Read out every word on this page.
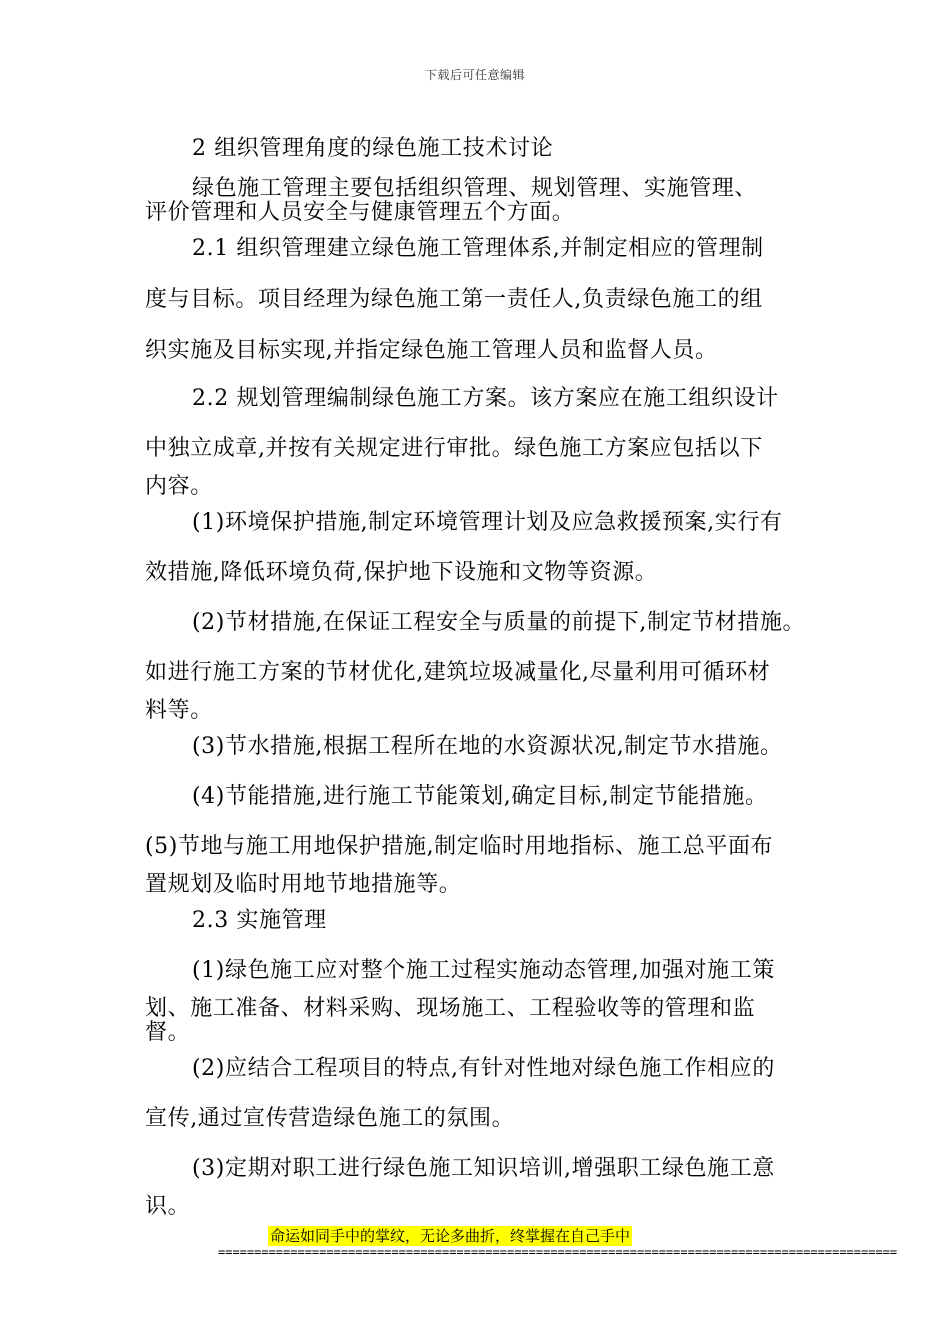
下载后可任意编辑
2 组织管理角度的绿色施工技术讨论
绿色施工管理主要包括组织管理、规划管理、实施管理、
评价管理和人员安全与健康管理五个方面。
2.1 组织管理建立绿色施工管理体系,并制定相应的管理制
度与目标。项目经理为绿色施工第一责任人,负责绿色施工的组
织实施及目标实现,并指定绿色施工管理人员和监督人员。
2.2 规划管理编制绿色施工方案。该方案应在施工组织设计
中独立成章,并按有关规定进行审批。绿色施工方案应包括以下
内容。
(1)环境保护措施,制定环境管理计划及应急救援预案,实行有
效措施,降低环境负荷,保护地下设施和文物等资源。
(2)节材措施,在保证工程安全与质量的前提下,制定节材措施。
如进行施工方案的节材优化,建筑垃圾减量化,尽量利用可循环材
料等。
(3)节水措施,根据工程所在地的水资源状况,制定节水措施。
(4)节能措施,进行施工节能策划,确定目标,制定节能措施。
(5)节地与施工用地保护措施,制定临时用地指标、施工总平面布
置规划及临时用地节地措施等。
2.3 实施管理
(1)绿色施工应对整个施工过程实施动态管理,加强对施工策
划、施工准备、材料采购、现场施工、工程验收等的管理和监
督。
(2)应结合工程项目的特点,有针对性地对绿色施工作相应的
宣传,通过宣传营造绿色施工的氛围。
(3)定期对职工进行绿色施工知识培训,增强职工绿色施工意
识。
命运如同手中的掌纹，无论多曲折，终掌握在自己手中
==============================================================================================
